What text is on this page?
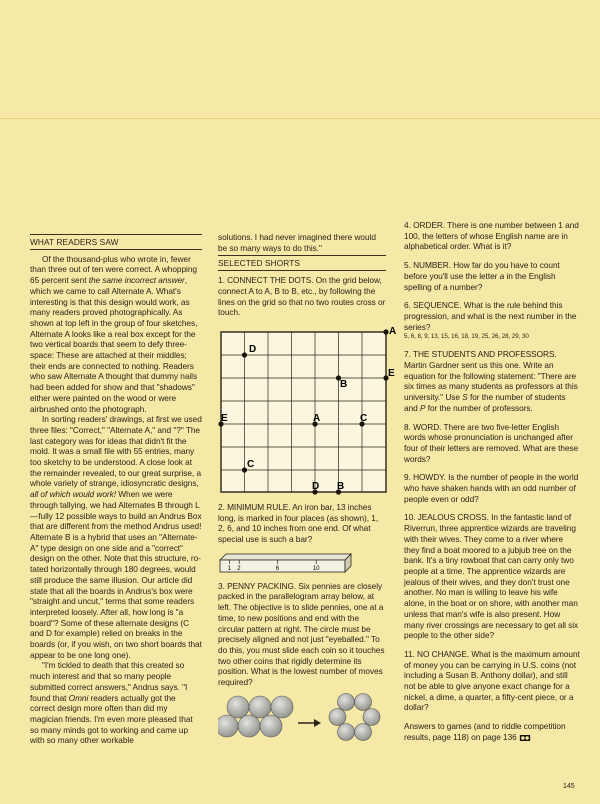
WHAT READERS SAW

Of the thousand-plus who wrote in, fewer than three out of ten were correct. A whopping 65 percent sent the same incorrect answer, which we came to call Alternate A. What's interesting is that this design would work, as many readers proved photographically. As shown at top left in the group of four sketches, Alternate A looks like a real box except for the two vertical boards that seem to defy three-space: These are attached at their middles; their ends are connected to nothing. Readers who saw Alternate A thought that dummy nails had been added for show and that "shadows" either were painted on the wood or were airbrushed onto the photograph.

In sorting readers' drawings, at first we used three files: "Correct," "Alternate A," and "?" The last category was for ideas that didn't fit the mold. It was a small file with 55 entries, many too sketchy to be understood. A close look at the remainder revealed, to our great surprise, a whole variety of strange, idiosyncratic designs, all of which would work! When we were through tallying, we had Alternates B through L—fully 12 possible ways to build an Andrus Box that are different from the method Andrus used! Alternate B is a hybrid that uses an "Alternate-A" type design on one side and a "correct" design on the other. Note that this structure, ro-tated horizontally through 180 degrees, would still produce the same illusion. Our article did state that all the boards in Andrus's box were "straight and uncut," terms that some readers interpreted loosely. After all, how long is "a board"? Some of these alternate designs (C and D for example) relied on breaks in the boards (or, if you wish, on two short boards that appear to be one long one).

"I'm tickled to death that this created so much interest and that so many people submitted correct answers," Andrus says. "I found that Omni readers actually got the correct design more often than did my magician friends. I'm even more pleased that so many minds got to working and came up with so many other workable

solutions. I had never imagined there would be so many ways to do this."

SELECTED SHORTS

1. CONNECT THE DOTS. On the grid below, connect A to A, B to B, etc., by following the lines on the grid so that no two routes cross or touch.

A
D
B
E
E	A	C
C
D B

2. MINIMUM RULE. An iron bar, 13 inches long, is marked in four places (as shown), 1, 2, 6, and 10 inches from one end. Of what special use is such a bar?

1 2	6	10

3. PENNY PACKING. Six pennies are closely packed in the parallelogram array below, at left. The objective is to slide pennies, one at a time, to new positions and end with the circular pattern at right. The circle must be precisely aligned and not just "eyeballed." To do this, you must slide each coin so it touches two other coins that rigidly determine its position. What is the lowest number of moves required?

4. ORDER. There is one number between 1 and 100, the letters of whose English name are in alphabetical order. What is it?

5. NUMBER. How far do you have to count before you'll use the letter a in the English spelling of a number?

6. SEQUENCE. What is the rule behind this progression, and what is the next number in the series?

5, 6, 8, 9, 13, 15, 16, 18, 19, 25, 26, 28, 29, 30

7. THE STUDENTS AND PROFESSORS. Martin Gardner sent us this one. Write an equation for the following statement: "There are six times as many students as professors at this university." Use S for the number of students and P for the number of professors.

8. WORD. There are two five-letter English words whose pronunciation is unchanged after four of their letters are removed. What are these words?

9. HOWDY. Is the number of people in the world who have shaken hands with an odd number of people even or odd?

10. JEALOUS CROSS. In the fantastic land of Riverrun, three apprentice wizards are traveling with their wives. They come to a river where they find a boat moored to a jubjub tree on the bank. It's a tiny rowboat that can carry only two people at a time. The apprentice wizards are jealous of their wives, and they don't trust one another. No man is willing to leave his wife alone, in the boat or on shore, with another man unless that man's wife is also present. How many river crossings are necessary to get all six people to the other side?

11. NO CHANGE. What is the maximum amount of money you can be carrying in U.S. coins (not including a Susan B. Anthony dollar), and still not be able to give anyone exact change for a nickel, a dime, a quarter, a fifty-cent piece, or a dollar?

Answers to games (and to riddle competition results, page 118) on page 136

145
